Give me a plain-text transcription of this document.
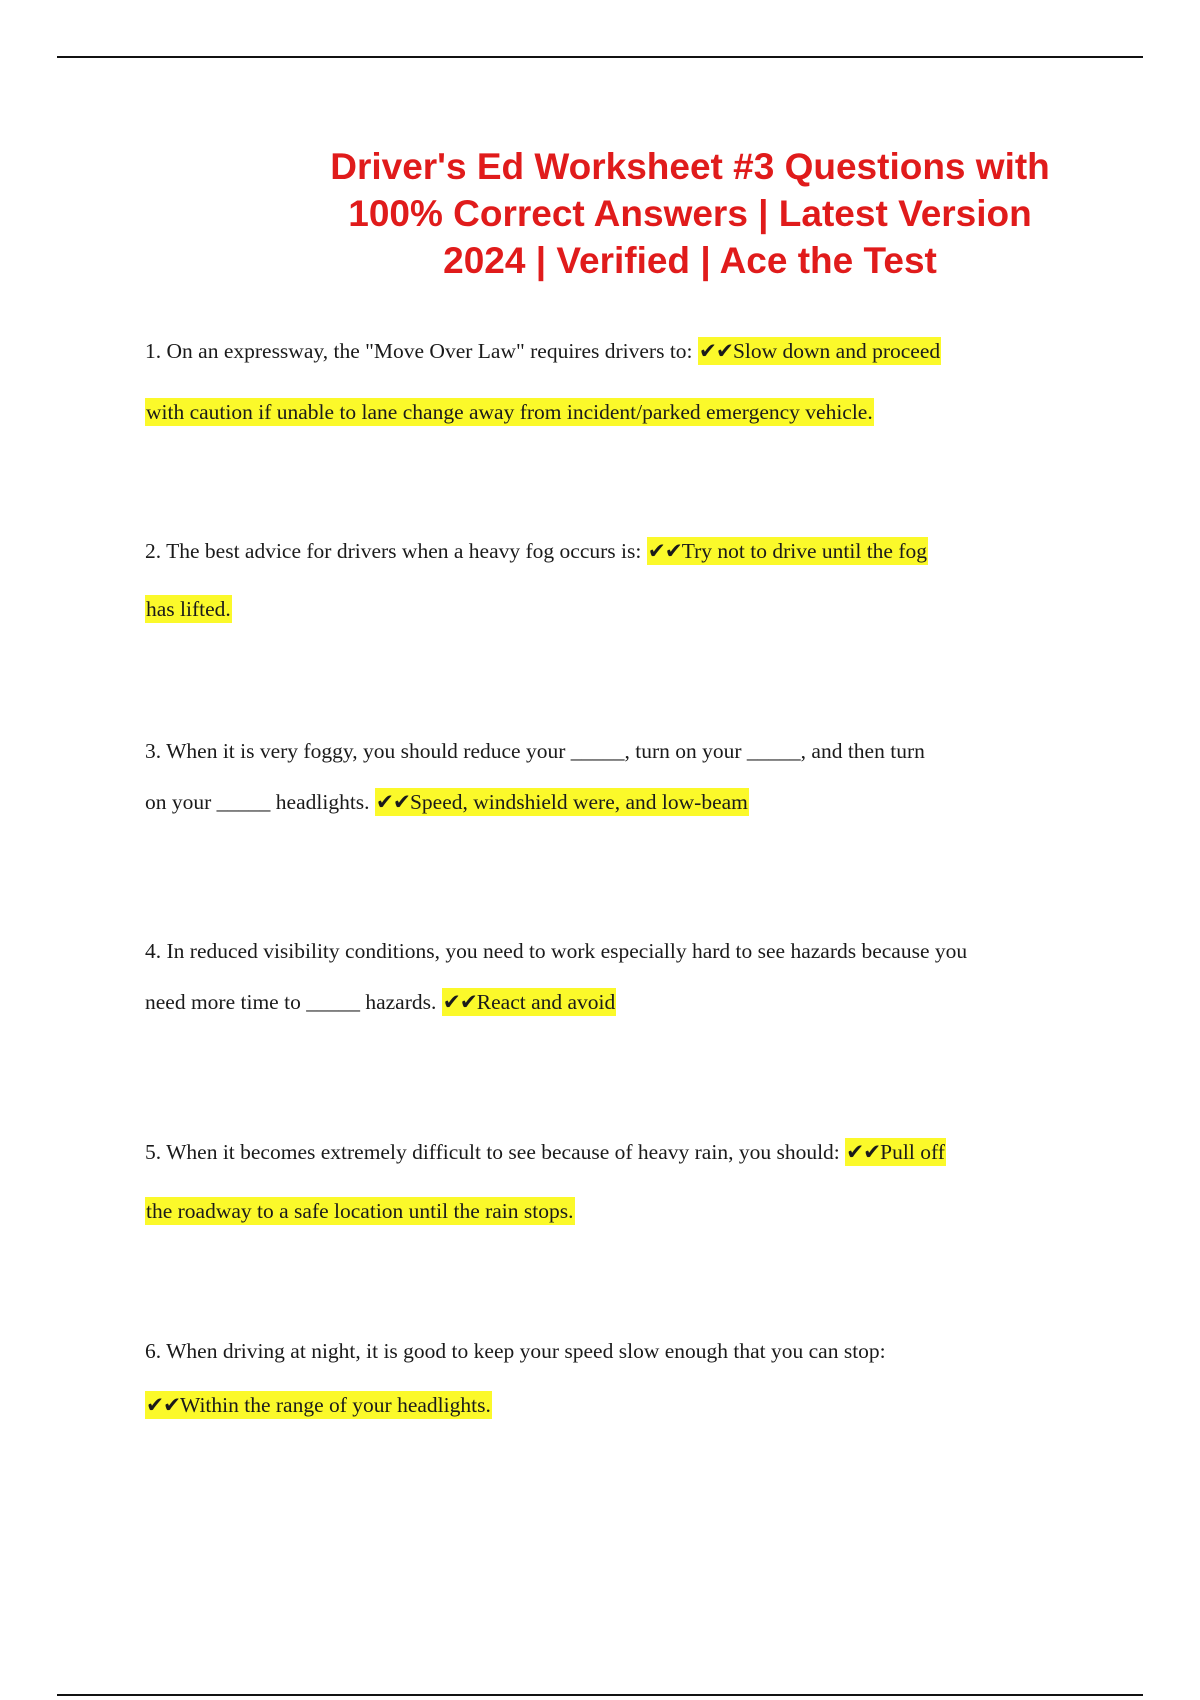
Driver's Ed Worksheet #3 Questions with
100% Correct Answers | Latest Version
2024 | Verified | Ace the Test
1. On an expressway, the "Move Over Law" requires drivers to: ✔✔Slow down and proceed
with caution if unable to lane change away from incident/parked emergency vehicle.
2. The best advice for drivers when a heavy fog occurs is: ✔✔Try not to drive until the fog
has lifted.
3. When it is very foggy, you should reduce your _____, turn on your _____, and then turn
on your _____ headlights. ✔✔Speed, windshield were, and low-beam
4. In reduced visibility conditions, you need to work especially hard to see hazards because you
need more time to _____ hazards. ✔✔React and avoid
5. When it becomes extremely difficult to see because of heavy rain, you should: ✔✔Pull off
the roadway to a safe location until the rain stops.
6. When driving at night, it is good to keep your speed slow enough that you can stop:
✔✔Within the range of your headlights.
